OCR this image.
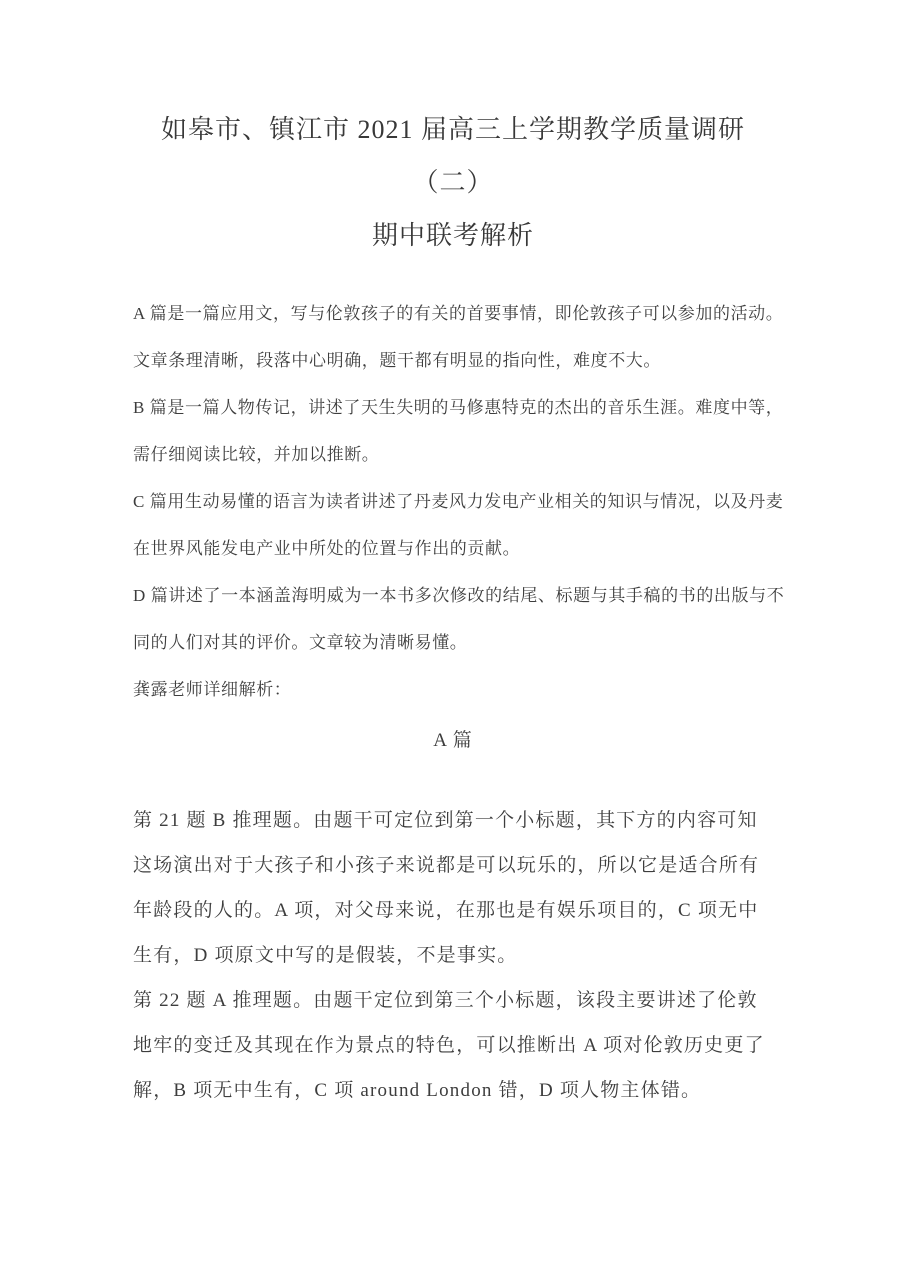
如皋市、镇江市 2021 届高三上学期教学质量调研（二）
期中联考解析
A 篇是一篇应用文，写与伦敦孩子的有关的首要事情，即伦敦孩子可以参加的活动。
文章条理清晰，段落中心明确，题干都有明显的指向性，难度不大。
B 篇是一篇人物传记，讲述了天生失明的马修惠特克的杰出的音乐生涯。难度中等，
需仔细阅读比较，并加以推断。
C 篇用生动易懂的语言为读者讲述了丹麦风力发电产业相关的知识与情况，以及丹麦
在世界风能发电产业中所处的位置与作出的贡献。
D 篇讲述了一本涵盖海明威为一本书多次修改的结尾、标题与其手稿的书的出版与不
同的人们对其的评价。文章较为清晰易懂。
龚露老师详细解析：
A 篇
第 21 题 B 推理题。由题干可定位到第一个小标题，其下方的内容可知
这场演出对于大孩子和小孩子来说都是可以玩乐的，所以它是适合所有
年龄段的人的。A 项，对父母来说，在那也是有娱乐项目的，C 项无中
生有，D 项原文中写的是假装，不是事实。
第 22 题 A 推理题。由题干定位到第三个小标题，该段主要讲述了伦敦
地牢的变迁及其现在作为景点的特色，可以推断出 A 项对伦敦历史更了
解，B 项无中生有，C 项 around London 错，D 项人物主体错。
